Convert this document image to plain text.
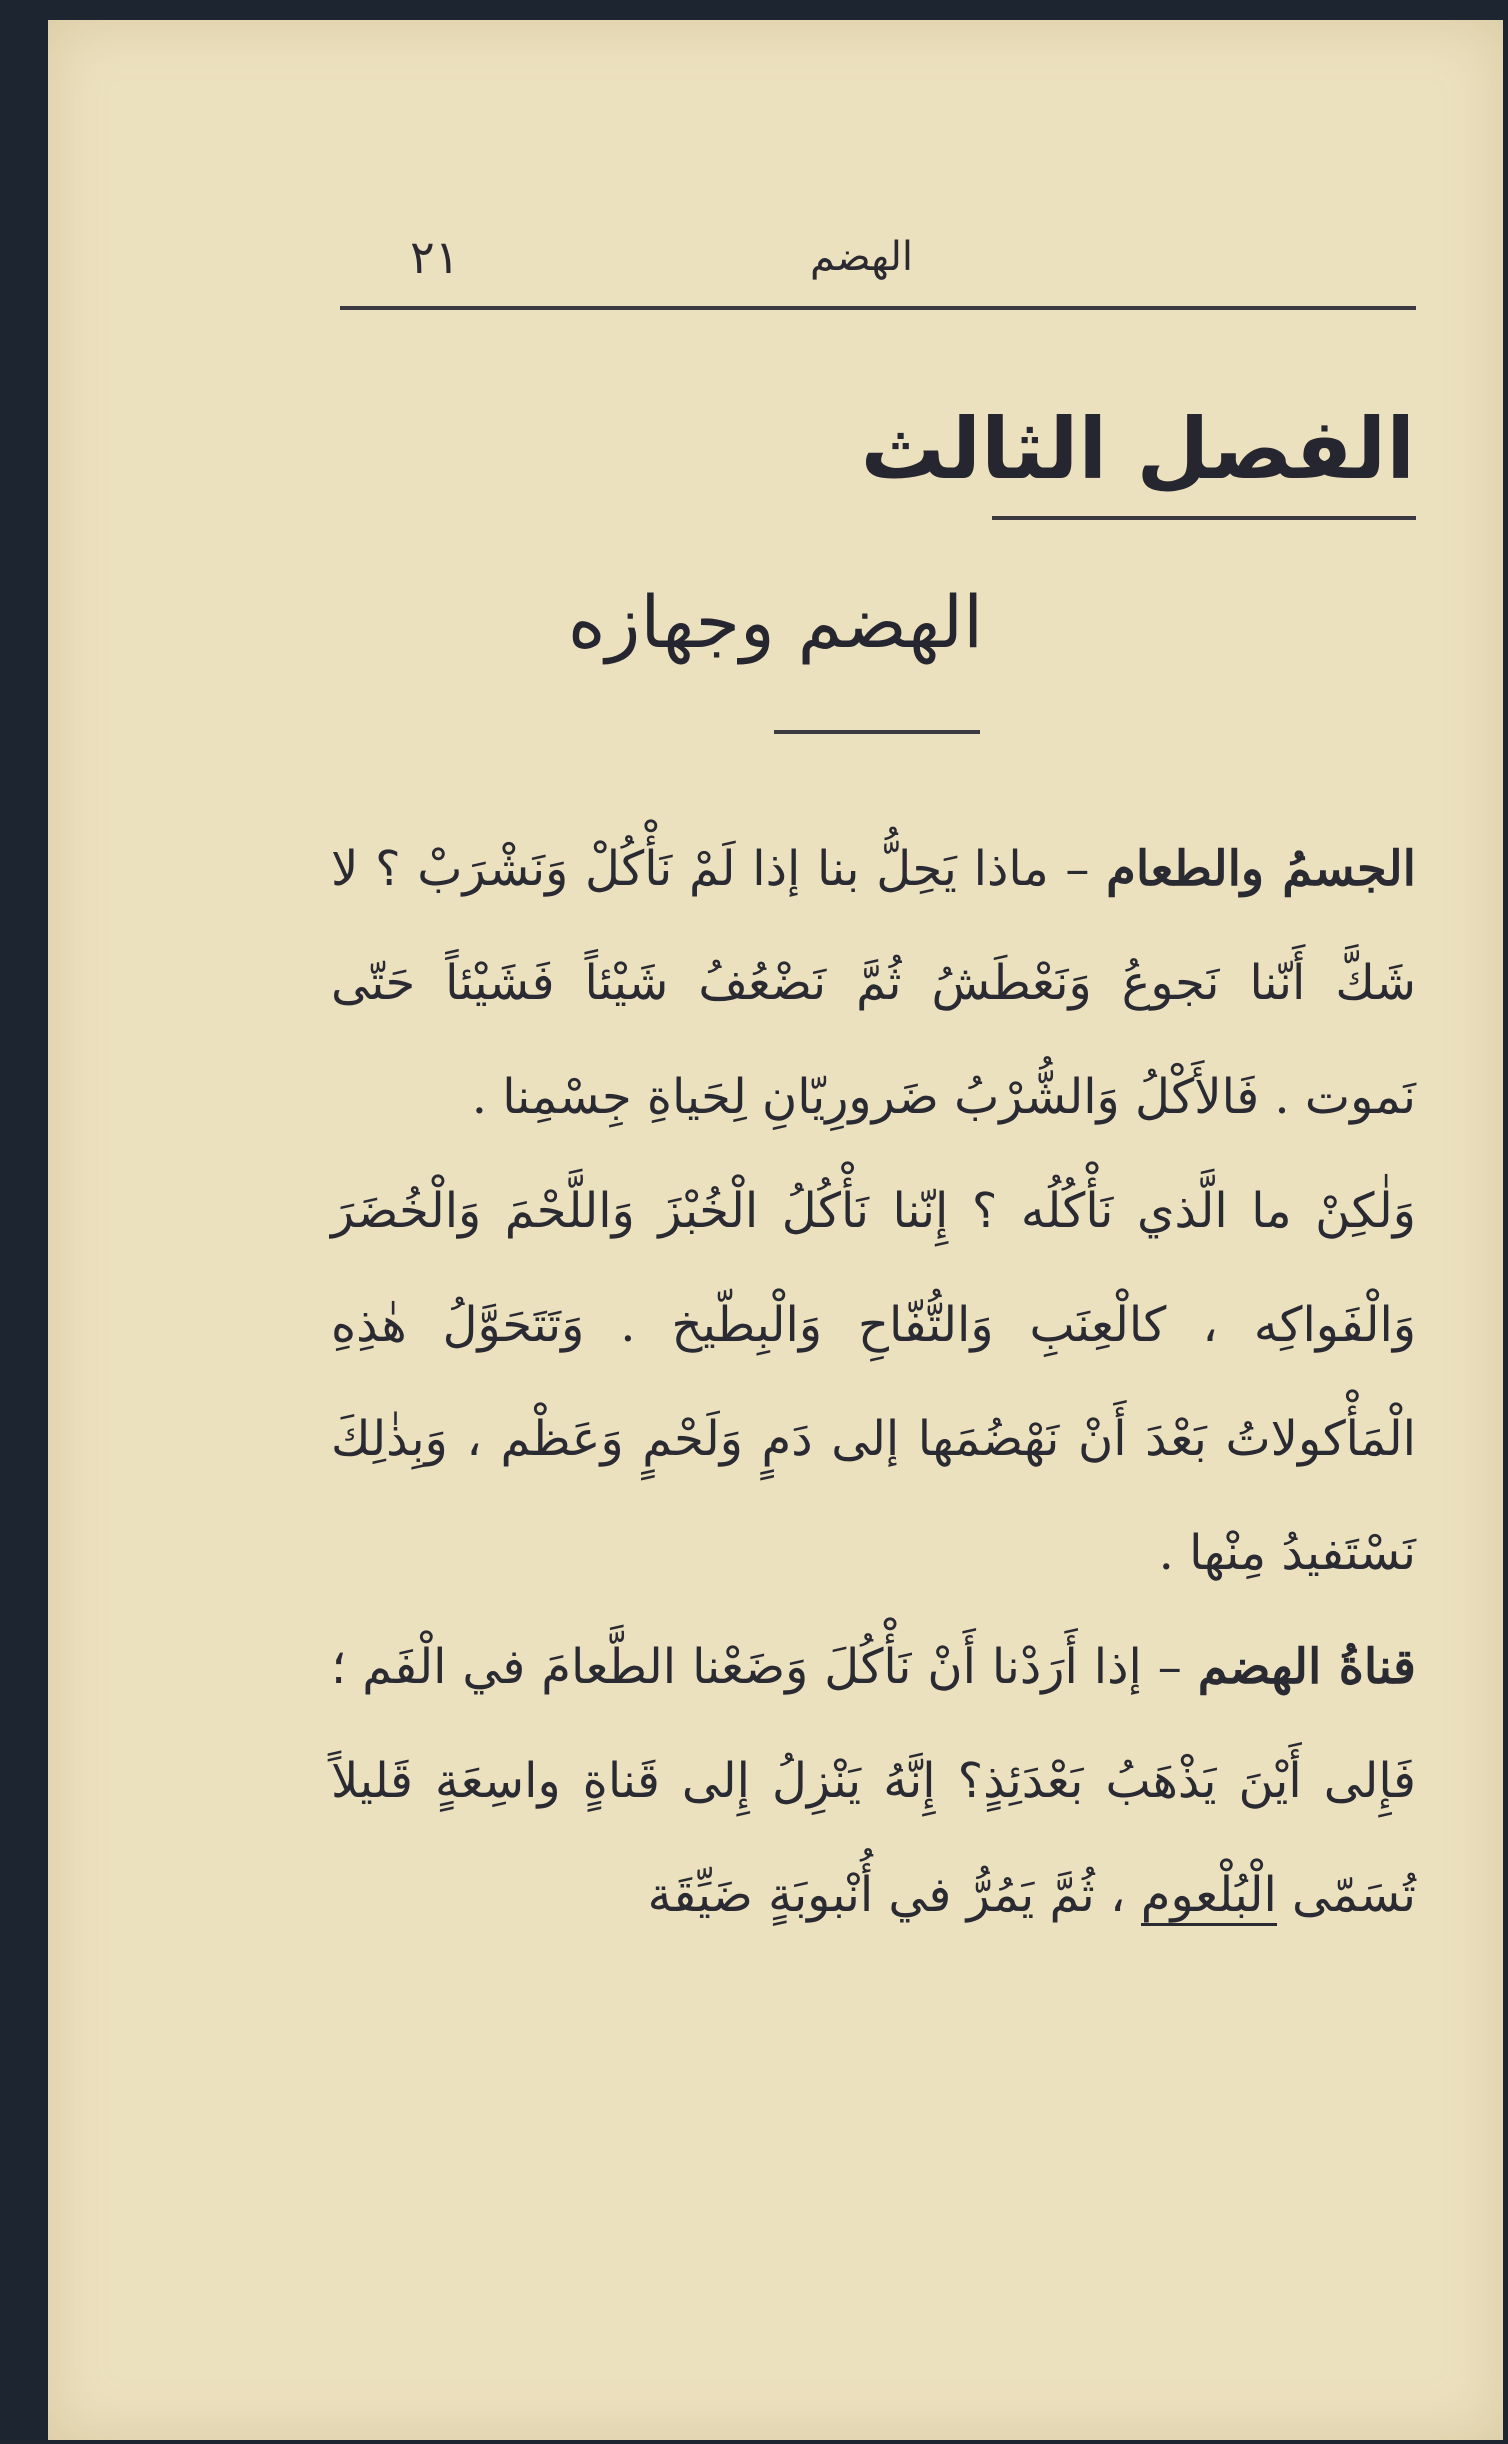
٢١	الهضم
الفصل الثالث
الهضم وجهازه

الجسمُ والطعام – ماذا يَحِلُّ بنا إذا لَمْ نَأْكُلْ وَنَشْرَبْ ؟ لا شَكَّ أَنّنا نَجوعُ وَنَعْطَشُ ثُمَّ نَضْعُفُ شَيْئاً فَشَيْئاً حَتّى نَموت . فَالأَكْلُ وَالشُّرْبُ ضَرورِيّانِ لِحَياةِ جِسْمِنا .

وَلٰكِنْ ما الَّذي نَأْكُلُه ؟ إِنّنا نَأْكُلُ الْخُبْزَ وَاللَّحْمَ وَالْخُضَرَ وَالْفَواكِه ، كالْعِنَبِ وَالتُّفّاحِ وَالْبِطّيخ . وَتَتَحَوَّلُ هٰذِهِ الْمَأْكولاتُ بَعْدَ أَنْ نَهْضُمَها إلى دَمٍ وَلَحْمٍ وَعَظْم ، وَبِذٰلِكَ نَسْتَفيدُ مِنْها .

قناةُ الهضم – إذا أَرَدْنا أَنْ نَأْكُلَ وَضَعْنا الطَّعامَ في الْفَم ؛ فَإِلى أَيْنَ يَذْهَبُ بَعْدَئِذٍ؟ إِنَّهُ يَنْزِلُ إِلى قَناةٍ واسِعَةٍ قَليلاً تُسَمّى الْبُلْعوم ، ثُمَّ يَمُرُّ في أُنْبوبَةٍ ضَيِّقَة
